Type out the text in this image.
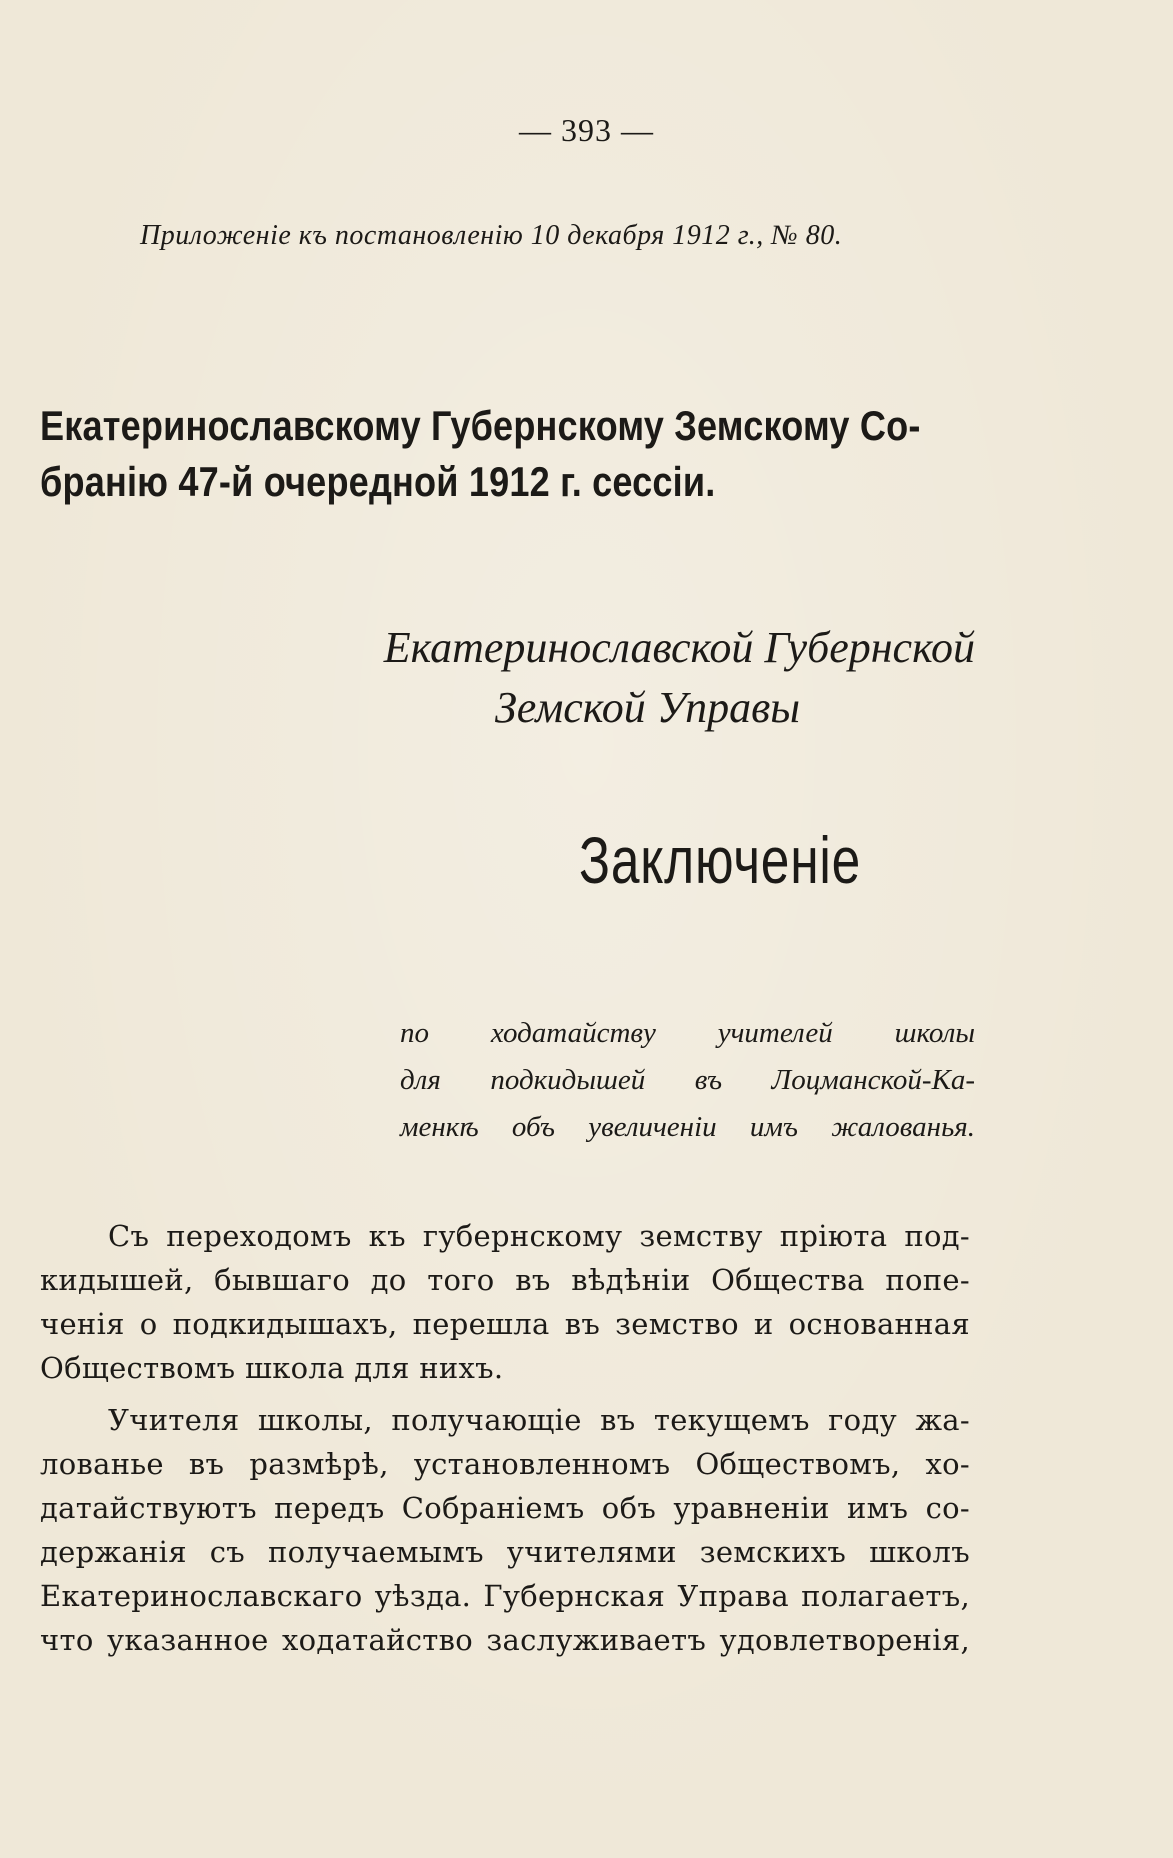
— 393 —
Приложеніе къ постановленію 10 декабря 1912 г., № 80.
Екатеринославскому Губернскому Земскому Со-
бранію 47-й очередной 1912 г. сессіи.
Екатеринославской Губернской
Земской Управы
Заключеніе
по ходатайству учителей школы
для подкидышей въ Лоцманской-Ка-
менкѣ объ увеличеніи имъ жалованья.
Съ переходомъ къ губернскому земству пріюта под-
кидышей, бывшаго до того въ вѣдѣніи Общества попе-
ченія о подкидышахъ, перешла въ земство и основанная
Обществомъ школа для нихъ.
Учителя школы, получающіе въ текущемъ году жа-
лованье въ размѣрѣ, установленномъ Обществомъ, хо-
датайствуютъ передъ Собраніемъ объ уравненіи имъ со-
держанія съ получаемымъ учителями земскихъ школъ
Екатеринославскаго уѣзда. Губернская Управа полагаетъ,
что указанное ходатайство заслуживаетъ удовлетворенія,
